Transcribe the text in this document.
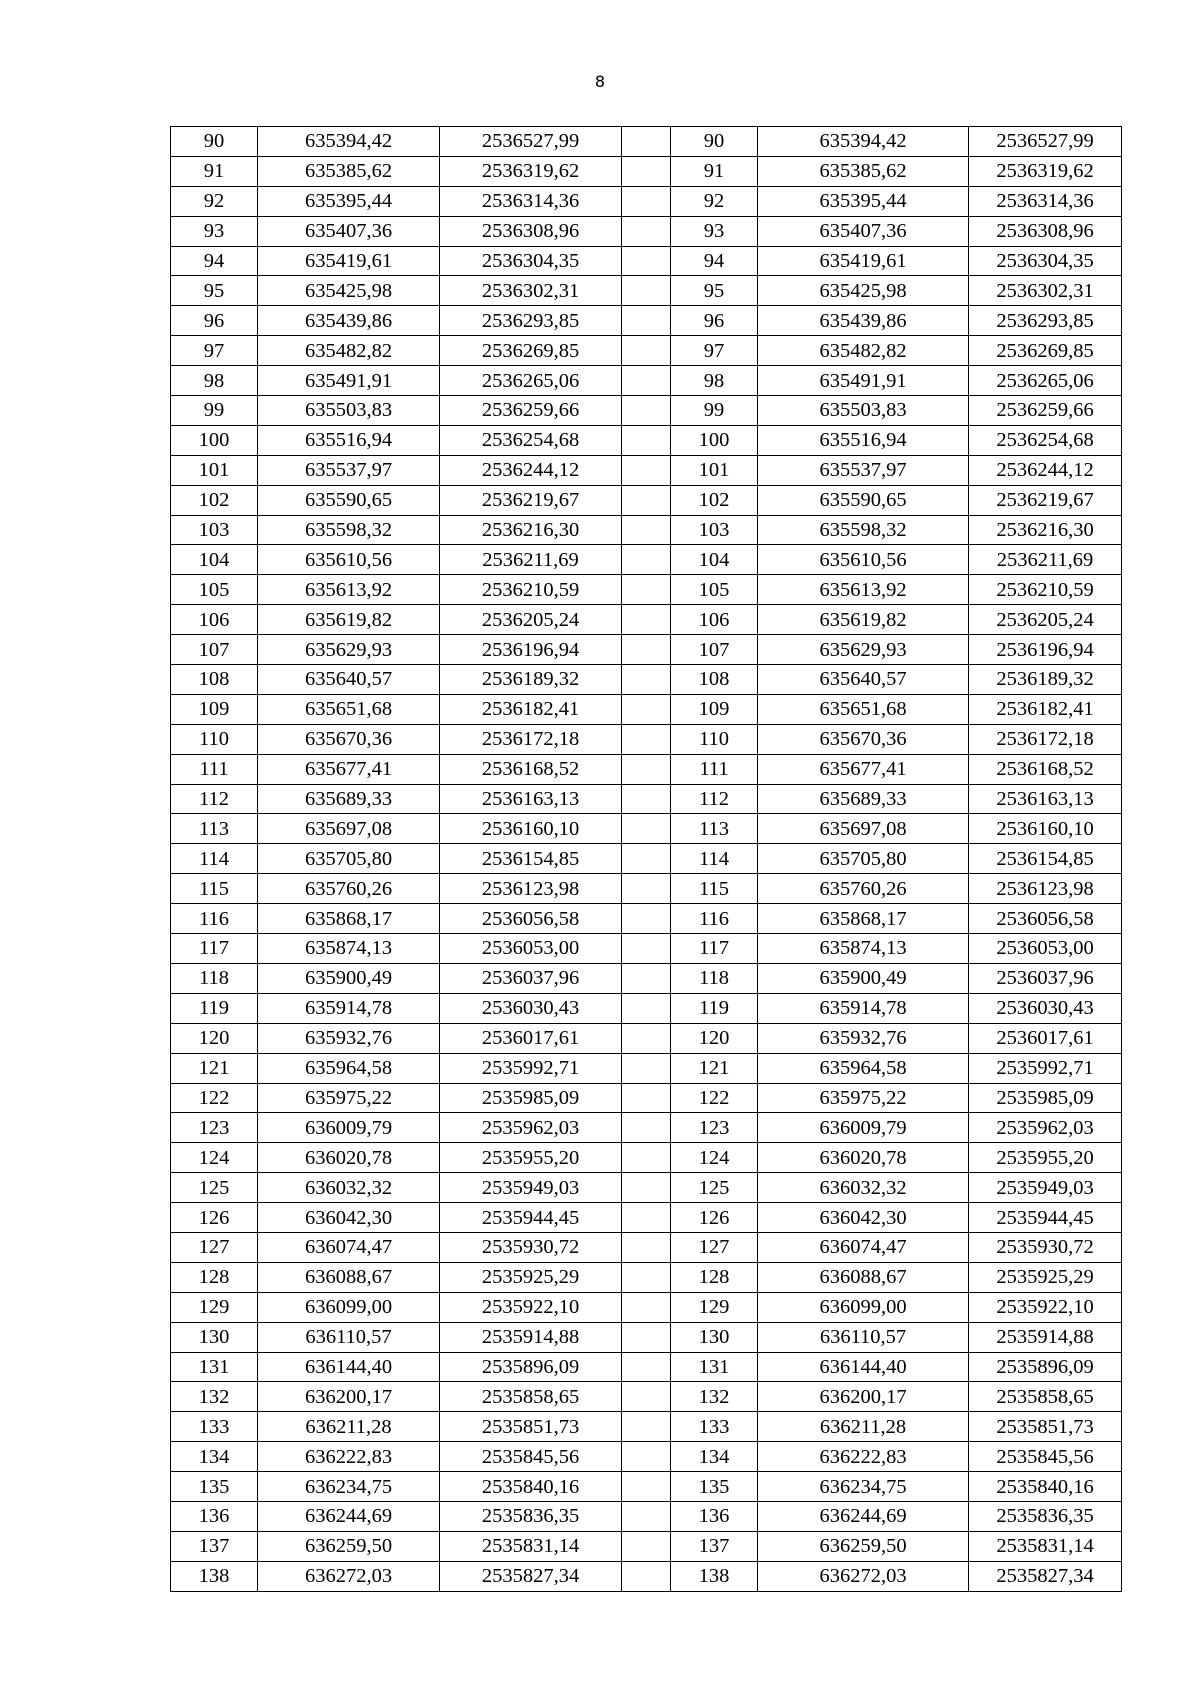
8
90	635394,42	2536527,99		90	635394,42	2536527,99
91	635385,62	2536319,62		91	635385,62	2536319,62
92	635395,44	2536314,36		92	635395,44	2536314,36
93	635407,36	2536308,96		93	635407,36	2536308,96
94	635419,61	2536304,35		94	635419,61	2536304,35
95	635425,98	2536302,31		95	635425,98	2536302,31
96	635439,86	2536293,85		96	635439,86	2536293,85
97	635482,82	2536269,85		97	635482,82	2536269,85
98	635491,91	2536265,06		98	635491,91	2536265,06
99	635503,83	2536259,66		99	635503,83	2536259,66
100	635516,94	2536254,68		100	635516,94	2536254,68
101	635537,97	2536244,12		101	635537,97	2536244,12
102	635590,65	2536219,67		102	635590,65	2536219,67
103	635598,32	2536216,30		103	635598,32	2536216,30
104	635610,56	2536211,69		104	635610,56	2536211,69
105	635613,92	2536210,59		105	635613,92	2536210,59
106	635619,82	2536205,24		106	635619,82	2536205,24
107	635629,93	2536196,94		107	635629,93	2536196,94
108	635640,57	2536189,32		108	635640,57	2536189,32
109	635651,68	2536182,41		109	635651,68	2536182,41
110	635670,36	2536172,18		110	635670,36	2536172,18
111	635677,41	2536168,52		111	635677,41	2536168,52
112	635689,33	2536163,13		112	635689,33	2536163,13
113	635697,08	2536160,10		113	635697,08	2536160,10
114	635705,80	2536154,85		114	635705,80	2536154,85
115	635760,26	2536123,98		115	635760,26	2536123,98
116	635868,17	2536056,58		116	635868,17	2536056,58
117	635874,13	2536053,00		117	635874,13	2536053,00
118	635900,49	2536037,96		118	635900,49	2536037,96
119	635914,78	2536030,43		119	635914,78	2536030,43
120	635932,76	2536017,61		120	635932,76	2536017,61
121	635964,58	2535992,71		121	635964,58	2535992,71
122	635975,22	2535985,09		122	635975,22	2535985,09
123	636009,79	2535962,03		123	636009,79	2535962,03
124	636020,78	2535955,20		124	636020,78	2535955,20
125	636032,32	2535949,03		125	636032,32	2535949,03
126	636042,30	2535944,45		126	636042,30	2535944,45
127	636074,47	2535930,72		127	636074,47	2535930,72
128	636088,67	2535925,29		128	636088,67	2535925,29
129	636099,00	2535922,10		129	636099,00	2535922,10
130	636110,57	2535914,88		130	636110,57	2535914,88
131	636144,40	2535896,09		131	636144,40	2535896,09
132	636200,17	2535858,65		132	636200,17	2535858,65
133	636211,28	2535851,73		133	636211,28	2535851,73
134	636222,83	2535845,56		134	636222,83	2535845,56
135	636234,75	2535840,16		135	636234,75	2535840,16
136	636244,69	2535836,35		136	636244,69	2535836,35
137	636259,50	2535831,14		137	636259,50	2535831,14
138	636272,03	2535827,34		138	636272,03	2535827,34
